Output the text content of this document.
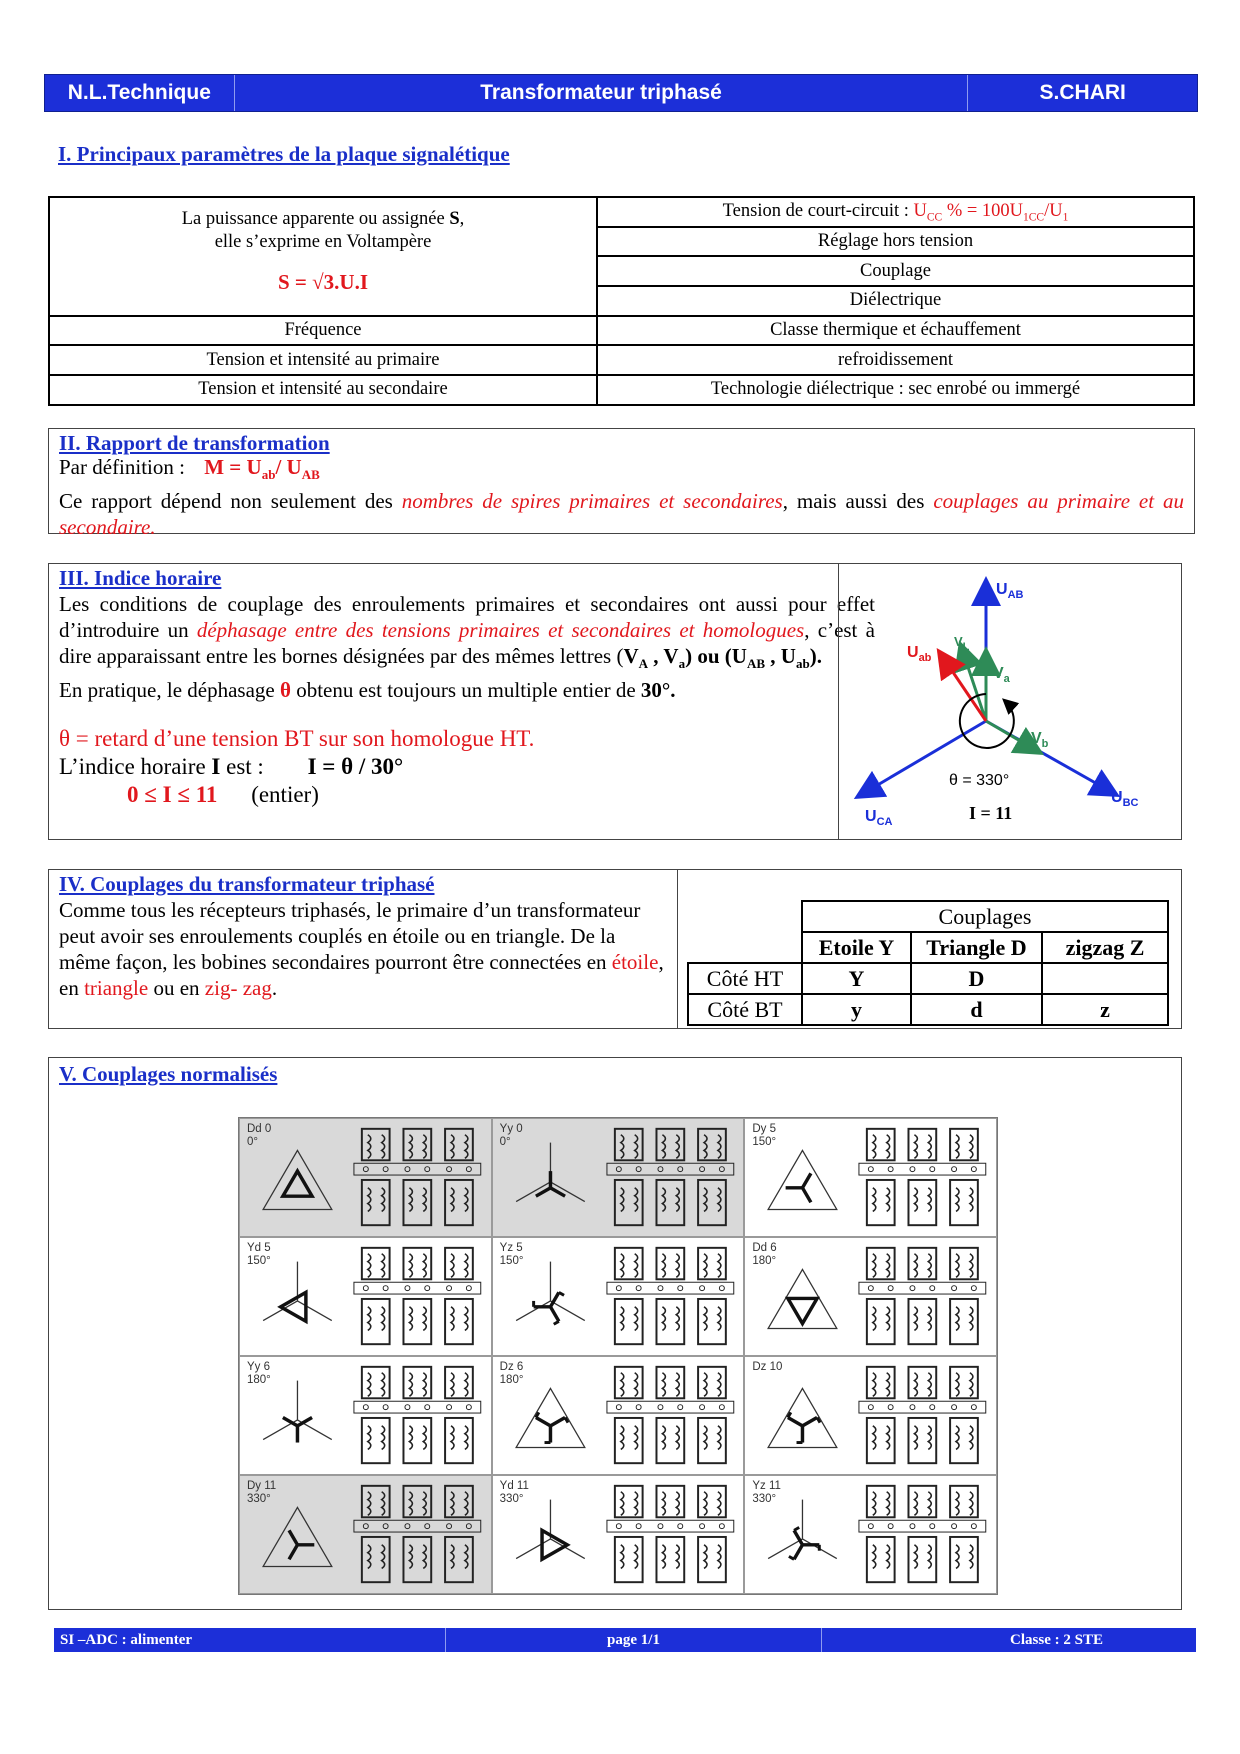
N.L.Technique	Transformateur triphasé	S.CHARI
I. Principaux paramètres de la plaque signalétique
La puissance apparente ou assignée S,
elle s’exprime en Voltampère

S = √3.U.I	Tension de court-circuit : $U_{CC}$ % = $100U_{1CC}/U_1$
	Réglage hors tension
	Couplage
	Diélectrique
Fréquence	Classe thermique et échauffement
Tension et intensité au primaire	refroidissement
Tension et intensité au secondaire	Technologie diélectrique : sec enrobé ou immergé
II. Rapport de transformation
Par définition : $M = U_{ab}/$ $U_{AB}$
Ce rapport dépend non seulement des nombres de spires primaires et secondaires, mais aussi des couplages au primaire et au secondaire.
III. Indice horaire
Les conditions de couplage des enroulements primaires et secondaires ont aussi pour effet d’introduire un déphasage entre des tensions primaires et secondaires et homologues, c’est à dire apparaissant entre les bornes désignées par des mêmes lettres ($V_A$ , $V_a$) ou ($U_{AB}$ , $U_{ab}$).
En pratique, le déphasage θ obtenu est toujours un multiple entier de 30°.
θ = retard d’une tension BT sur son homologue HT.
L’indice horaire I est : I = θ / 30°
0 ≤ I ≤ 11 (entier)
$U_{AB}$
$U_{BC}$
$U_{CA}$
$U_{ab}$
$V_a$
$V_b$
$V_L$
θ = 330°
I = 11
IV. Couplages du transformateur triphasé
Comme tous les récepteurs triphasés, le primaire d’un transformateur peut avoir ses enroulements couplés en étoile ou en triangle. De la même façon, les bobines secondaires pourront être connectées en étoile, en triangle ou en zig- zag.
	Couplages		
	Etoile Y	Triangle D	zigzag Z
Côté HT	Y	D	
Côté BT	y	d	z
V. Couplages normalisés
Dd 0
0°
Yy 0
0°
Dy 5
150°
Yd 5
150°
Yz 5
150°
Dd 6
180°
Yy 6
180°
Dz 6
180°
Dz 10
Dy 11
330°
Yd 11
330°
Yz 11
330°
SI –ADC : alimenter	page 1/1	Classe : 2 STE
